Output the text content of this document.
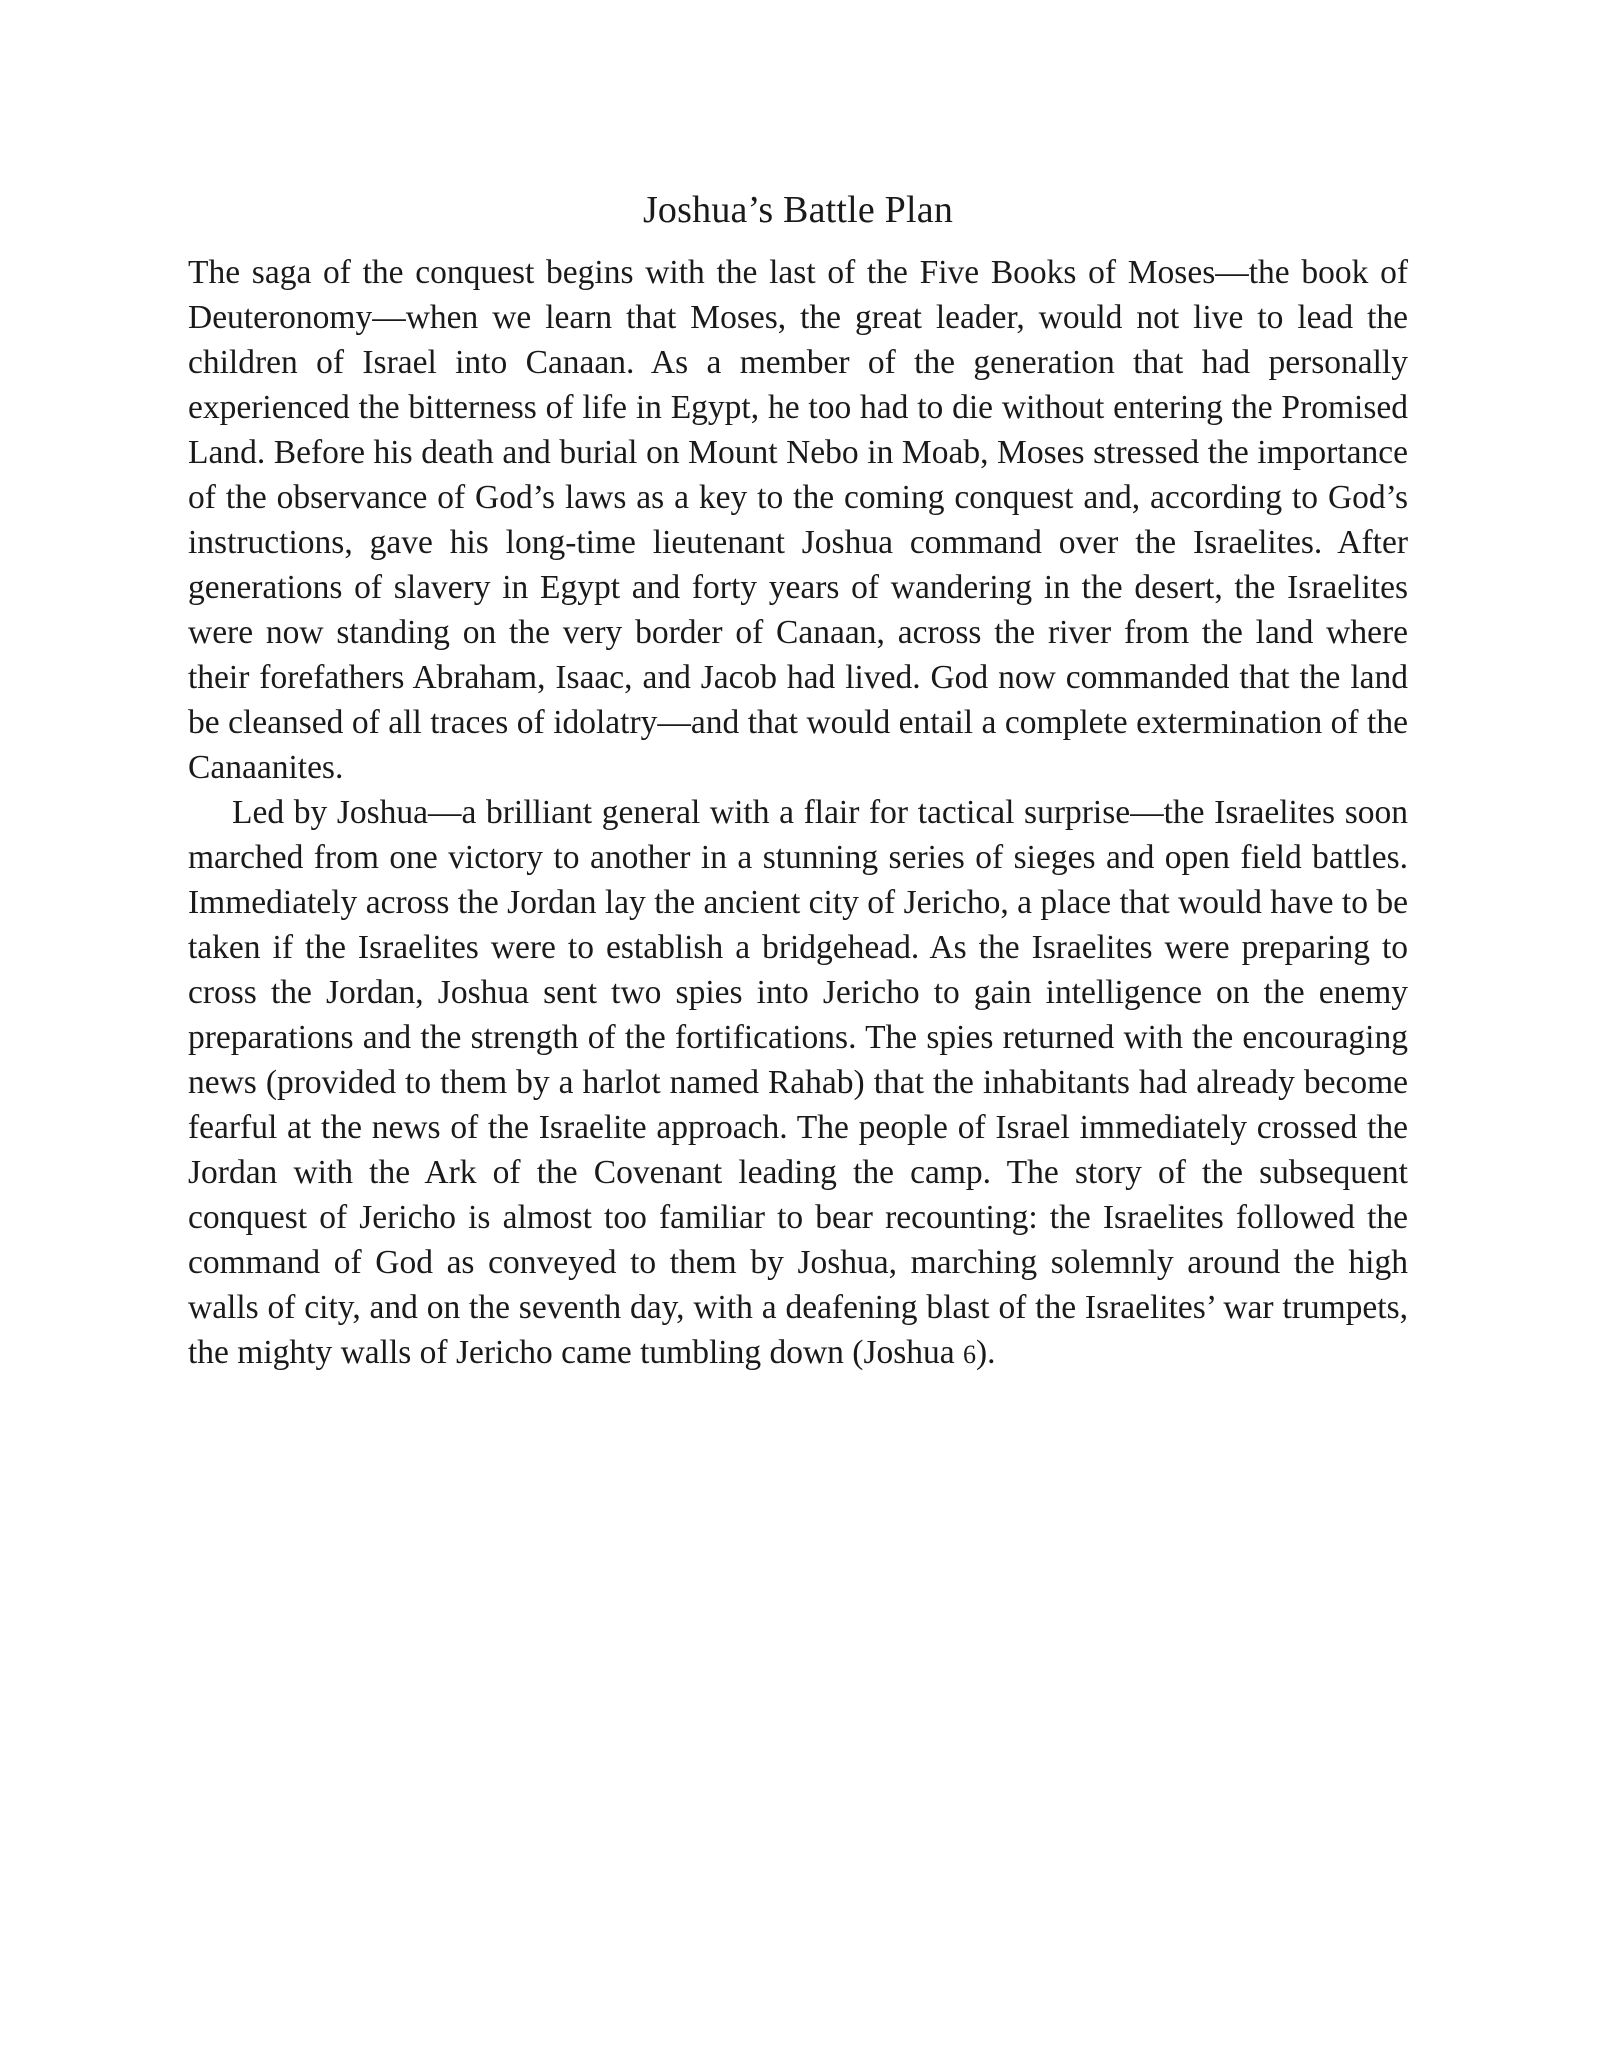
Joshua’s Battle Plan

The saga of the conquest begins with the last of the Five Books of Moses—the book of Deuteronomy—when we learn that Moses, the great leader, would not live to lead the children of Israel into Canaan. As a member of the generation that had personally experienced the bitterness of life in Egypt, he too had to die without entering the Promised Land. Before his death and burial on Mount Nebo in Moab, Moses stressed the importance of the observance of God’s laws as a key to the coming conquest and, according to God’s instructions, gave his long-time lieutenant Joshua command over the Israelites. After generations of slavery in Egypt and forty years of wandering in the desert, the Israelites were now standing on the very border of Canaan, across the river from the land where their forefathers Abraham, Isaac, and Jacob had lived. God now commanded that the land be cleansed of all traces of idolatry—and that would entail a complete extermination of the Canaanites.

Led by Joshua—a brilliant general with a flair for tactical surprise—the Israelites soon marched from one victory to another in a stunning series of sieges and open field battles. Immediately across the Jordan lay the ancient city of Jericho, a place that would have to be taken if the Israelites were to establish a bridgehead. As the Israelites were preparing to cross the Jordan, Joshua sent two spies into Jericho to gain intelligence on the enemy preparations and the strength of the fortifications. The spies returned with the encouraging news (provided to them by a harlot named Rahab) that the inhabitants had already become fearful at the news of the Israelite approach. The people of Israel immediately crossed the Jordan with the Ark of the Covenant leading the camp. The story of the subsequent conquest of Jericho is almost too familiar to bear recounting: the Israelites followed the command of God as conveyed to them by Joshua, marching solemnly around the high walls of city, and on the seventh day, with a deafening blast of the Israelites’ war trumpets, the mighty walls of Jericho came tumbling down (Joshua 6).
